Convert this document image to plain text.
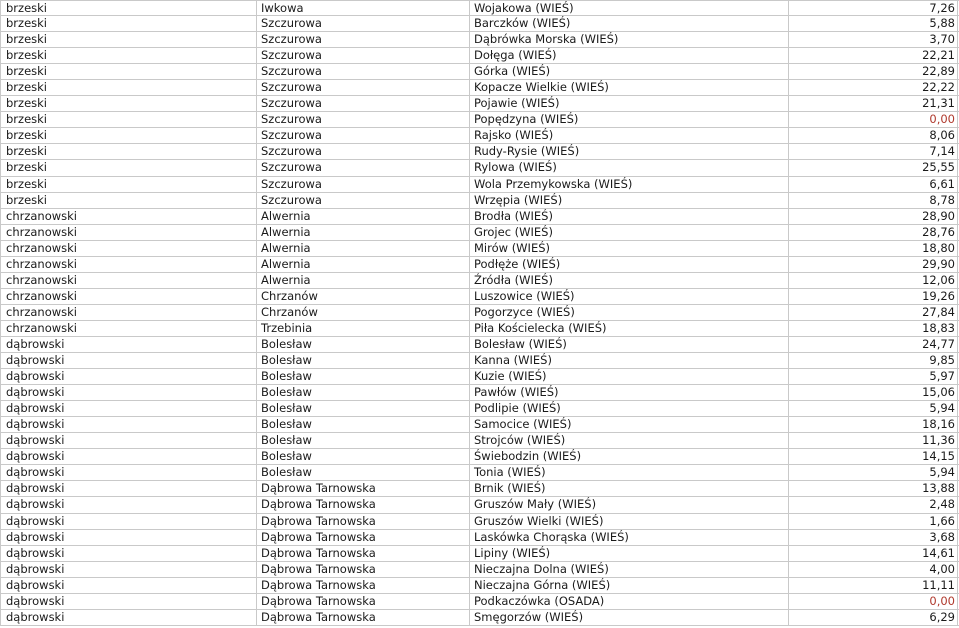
brzeski	Iwkowa	Wojakowa (WIEŚ)	7,26
brzeski	Szczurowa	Barczków (WIEŚ)	5,88
brzeski	Szczurowa	Dąbrówka Morska (WIEŚ)	3,70
brzeski	Szczurowa	Dołęga (WIEŚ)	22,21
brzeski	Szczurowa	Górka (WIEŚ)	22,89
brzeski	Szczurowa	Kopacze Wielkie (WIEŚ)	22,22
brzeski	Szczurowa	Pojawie (WIEŚ)	21,31
brzeski	Szczurowa	Popędzyna (WIEŚ)	0,00
brzeski	Szczurowa	Rajsko (WIEŚ)	8,06
brzeski	Szczurowa	Rudy-Rysie (WIEŚ)	7,14
brzeski	Szczurowa	Rylowa (WIEŚ)	25,55
brzeski	Szczurowa	Wola Przemykowska (WIEŚ)	6,61
brzeski	Szczurowa	Wrzępia (WIEŚ)	8,78
chrzanowski	Alwernia	Brodła (WIEŚ)	28,90
chrzanowski	Alwernia	Grojec (WIEŚ)	28,76
chrzanowski	Alwernia	Mirów (WIEŚ)	18,80
chrzanowski	Alwernia	Podłęże (WIEŚ)	29,90
chrzanowski	Alwernia	Źródła (WIEŚ)	12,06
chrzanowski	Chrzanów	Luszowice (WIEŚ)	19,26
chrzanowski	Chrzanów	Pogorzyce (WIEŚ)	27,84
chrzanowski	Trzebinia	Piła Kościelecka (WIEŚ)	18,83
dąbrowski	Bolesław	Bolesław (WIEŚ)	24,77
dąbrowski	Bolesław	Kanna (WIEŚ)	9,85
dąbrowski	Bolesław	Kuzie (WIEŚ)	5,97
dąbrowski	Bolesław	Pawłów (WIEŚ)	15,06
dąbrowski	Bolesław	Podlipie (WIEŚ)	5,94
dąbrowski	Bolesław	Samocice (WIEŚ)	18,16
dąbrowski	Bolesław	Strojców (WIEŚ)	11,36
dąbrowski	Bolesław	Świebodzin (WIEŚ)	14,15
dąbrowski	Bolesław	Tonia (WIEŚ)	5,94
dąbrowski	Dąbrowa Tarnowska	Brnik (WIEŚ)	13,88
dąbrowski	Dąbrowa Tarnowska	Gruszów Mały (WIEŚ)	2,48
dąbrowski	Dąbrowa Tarnowska	Gruszów Wielki (WIEŚ)	1,66
dąbrowski	Dąbrowa Tarnowska	Laskówka Chorąska (WIEŚ)	3,68
dąbrowski	Dąbrowa Tarnowska	Lipiny (WIEŚ)	14,61
dąbrowski	Dąbrowa Tarnowska	Nieczajna Dolna (WIEŚ)	4,00
dąbrowski	Dąbrowa Tarnowska	Nieczajna Górna (WIEŚ)	11,11
dąbrowski	Dąbrowa Tarnowska	Podkaczówka (OSADA)	0,00
dąbrowski	Dąbrowa Tarnowska	Smęgorzów (WIEŚ)	6,29
